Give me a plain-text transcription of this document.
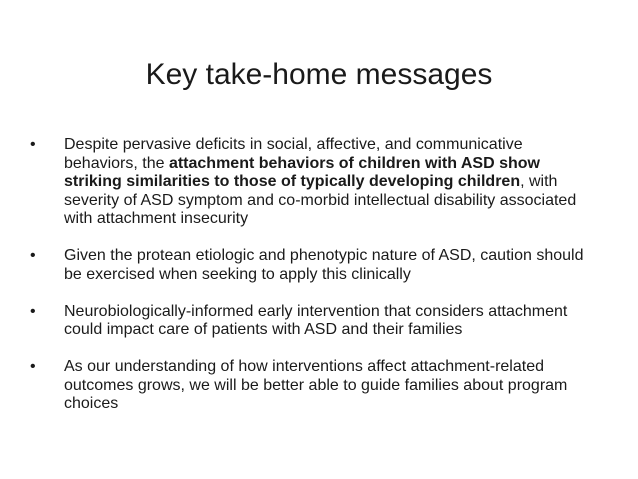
Key take-home messages
•	Despite pervasive deficits in social, affective, and communicative behaviors, the attachment behaviors of children with ASD show striking similarities to those of typically developing children, with severity of ASD symptom and co-morbid intellectual disability associated with attachment insecurity
•	Given the protean etiologic and phenotypic nature of ASD, caution should be exercised when seeking to apply this clinically
•	Neurobiologically-informed early intervention that considers attachment could impact care of patients with ASD and their families
•	As our understanding of how interventions affect attachment-related outcomes grows, we will be better able to guide families about program choices
